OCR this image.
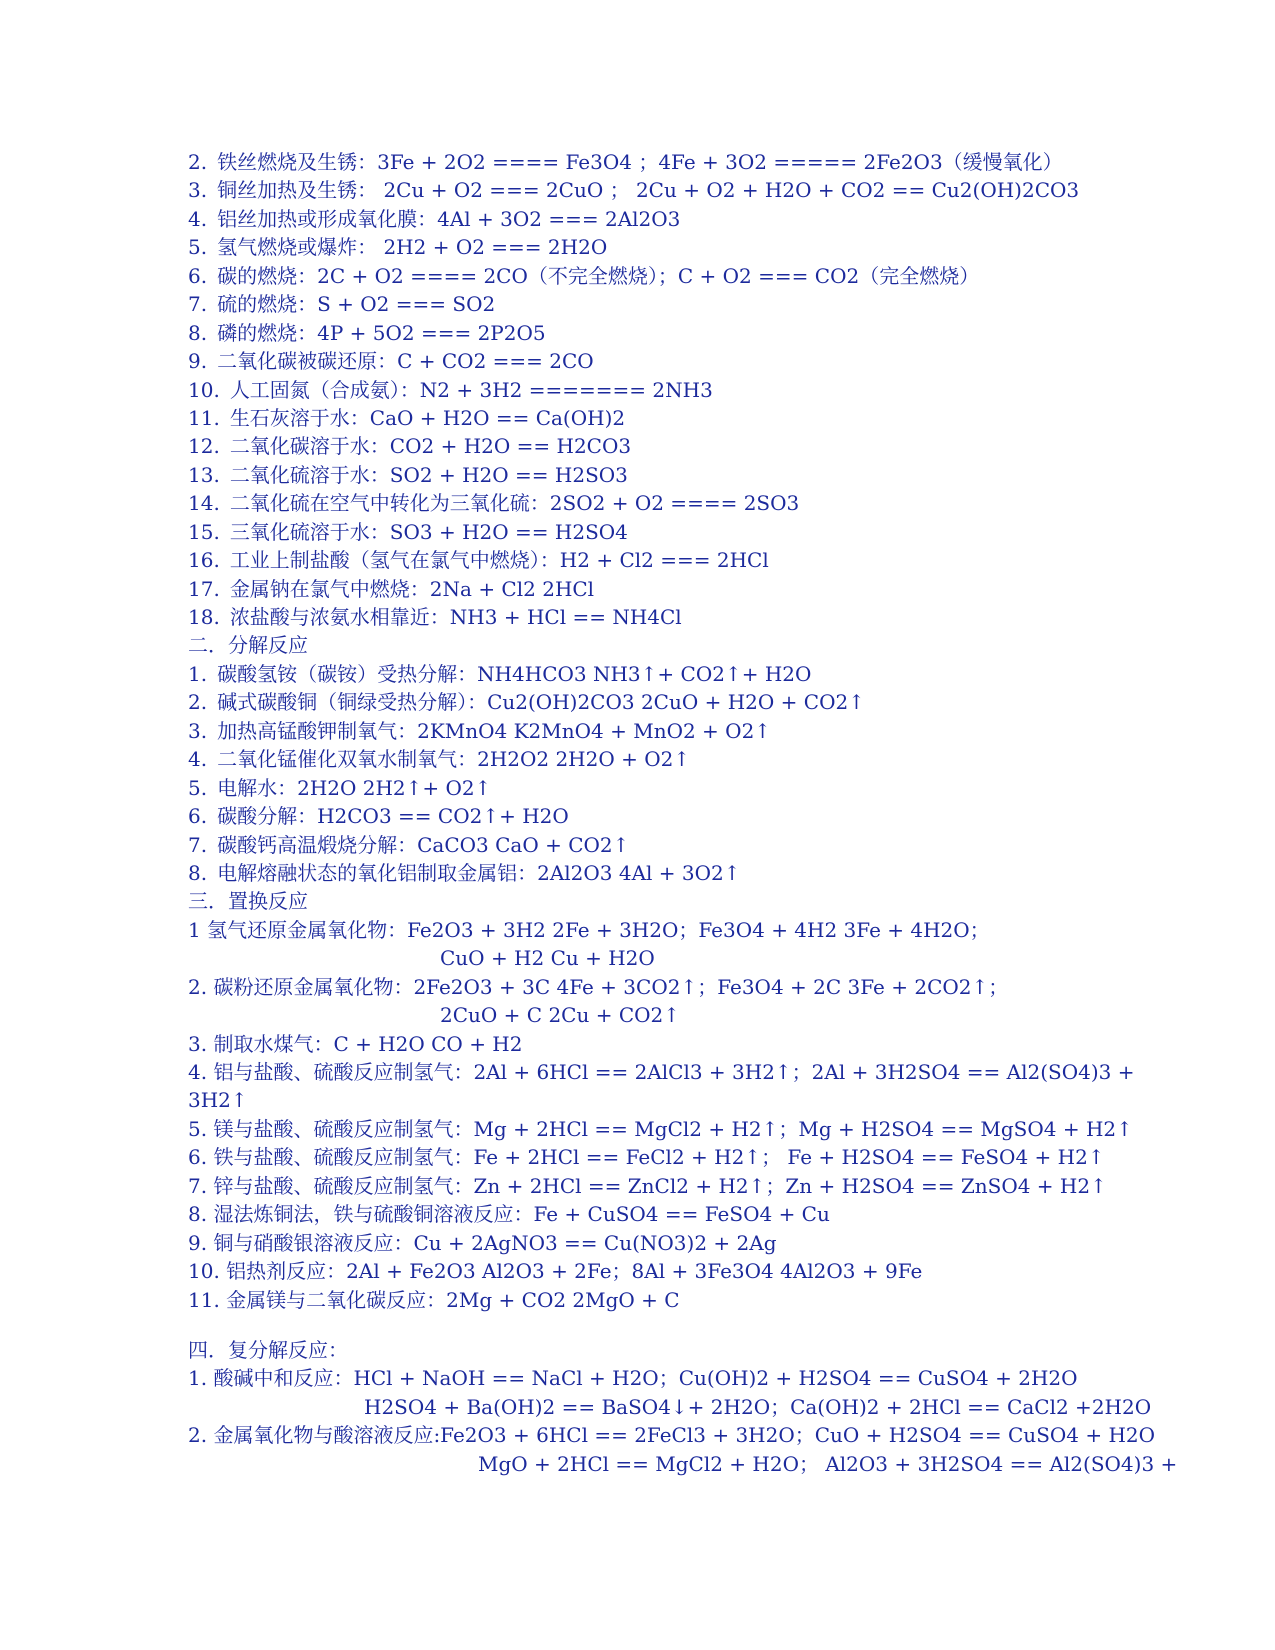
2. 铁丝燃烧及生锈：3Fe + 2O2 ==== Fe3O4 ；4Fe + 3O2 ===== 2Fe2O3（缓慢氧化）
3. 铜丝加热及生锈： 2Cu + O2 === 2CuO ； 2Cu + O2 + H2O + CO2 == Cu2(OH)2CO3
4. 铝丝加热或形成氧化膜：4Al + 3O2 === 2Al2O3
5. 氢气燃烧或爆炸： 2H2 + O2 === 2H2O
6. 碳的燃烧：2C + O2 ==== 2CO（不完全燃烧）；C + O2 === CO2（完全燃烧）
7. 硫的燃烧：S + O2 === SO2
8. 磷的燃烧：4P + 5O2 === 2P2O5
9. 二氧化碳被碳还原：C + CO2 === 2CO
10. 人工固氮（合成氨）：N2 + 3H2 ======= 2NH3
11. 生石灰溶于水：CaO + H2O == Ca(OH)2
12. 二氧化碳溶于水：CO2 + H2O == H2CO3
13. 二氧化硫溶于水：SO2 + H2O == H2SO3
14. 二氧化硫在空气中转化为三氧化硫：2SO2 + O2 ==== 2SO3
15. 三氧化硫溶于水：SO3 + H2O == H2SO4
16. 工业上制盐酸（氢气在氯气中燃烧）：H2 + Cl2 === 2HCl
17. 金属钠在氯气中燃烧：2Na + Cl2 2HCl
18. 浓盐酸与浓氨水相靠近：NH3 + HCl == NH4Cl
二．分解反应
1. 碳酸氢铵（碳铵）受热分解：NH4HCO3 NH3↑+ CO2↑+ H2O
2. 碱式碳酸铜（铜绿受热分解）：Cu2(OH)2CO3 2CuO + H2O + CO2↑
3. 加热高锰酸钾制氧气：2KMnO4 K2MnO4 + MnO2 + O2↑
4. 二氧化锰催化双氧水制氧气：2H2O2 2H2O + O2↑
5. 电解水：2H2O 2H2↑+ O2↑
6. 碳酸分解：H2CO3 == CO2↑+ H2O
7. 碳酸钙高温煅烧分解：CaCO3 CaO + CO2↑
8. 电解熔融状态的氧化铝制取金属铝：2Al2O3 4Al + 3O2↑
三．置换反应
1 氢气还原金属氧化物：Fe2O3 + 3H2 2Fe + 3H2O；Fe3O4 + 4H2 3Fe + 4H2O；
CuO + H2 Cu + H2O
2. 碳粉还原金属氧化物：2Fe2O3 + 3C 4Fe + 3CO2↑；Fe3O4 + 2C 3Fe + 2CO2↑；
2CuO + C 2Cu + CO2↑
3. 制取水煤气：C + H2O CO + H2
4. 铝与盐酸、硫酸反应制氢气：2Al + 6HCl == 2AlCl3 + 3H2↑；2Al + 3H2SO4 == Al2(SO4)3 +
3H2↑
5. 镁与盐酸、硫酸反应制氢气：Mg + 2HCl == MgCl2 + H2↑；Mg + H2SO4 == MgSO4 + H2↑
6. 铁与盐酸、硫酸反应制氢气：Fe + 2HCl == FeCl2 + H2↑； Fe + H2SO4 == FeSO4 + H2↑
7. 锌与盐酸、硫酸反应制氢气：Zn + 2HCl == ZnCl2 + H2↑；Zn + H2SO4 == ZnSO4 + H2↑
8. 湿法炼铜法，铁与硫酸铜溶液反应：Fe + CuSO4 == FeSO4 + Cu
9. 铜与硝酸银溶液反应：Cu + 2AgNO3 == Cu(NO3)2 + 2Ag
10. 铝热剂反应：2Al + Fe2O3 Al2O3 + 2Fe；8Al + 3Fe3O4 4Al2O3 + 9Fe
11. 金属镁与二氧化碳反应：2Mg + CO2 2MgO + C
四．复分解反应：
1. 酸碱中和反应：HCl + NaOH == NaCl + H2O；Cu(OH)2 + H2SO4 == CuSO4 + 2H2O
H2SO4 + Ba(OH)2 == BaSO4↓+ 2H2O；Ca(OH)2 + 2HCl == CaCl2 +2H2O
2. 金属氧化物与酸溶液反应:Fe2O3 + 6HCl == 2FeCl3 + 3H2O；CuO + H2SO4 == CuSO4 + H2O
MgO + 2HCl == MgCl2 + H2O； Al2O3 + 3H2SO4 == Al2(SO4)3 +
